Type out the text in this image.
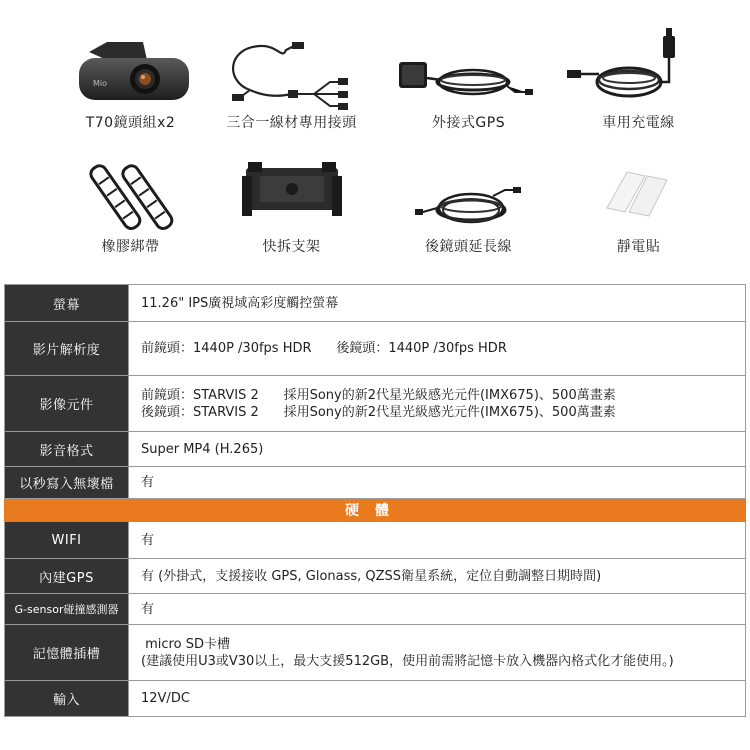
Mio
T70鏡頭組x2	三合一線材專用接頭	外接式GPS	車用充電線
橡膠綁帶	快拆支架	後鏡頭延長線	靜電貼
螢幕	11.26" IPS廣視域高彩度觸控螢幕
影片解析度	前鏡頭：1440P /30fps HDR      後鏡頭：1440P /30fps HDR

影像元件	前鏡頭：STARVIS 2      採用Sony的新2代星光級感光元件(IMX675)、500萬畫素
後鏡頭：STARVIS 2      採用Sony的新2代星光級感光元件(IMX675)、500萬畫素

影音格式	Super MP4 (H.265)
以秒寫入無壞檔	有
硬體	
WIFI	有
內建GPS	有 (外掛式，支援接收 GPS, Glonass, QZSS衛星系統，定位自動調整日期時間)
G-sensor碰撞感測器	有
記憶體插槽	micro SD卡槽
(建議使用U3或V30以上，最大支援512GB，使用前需將記憶卡放入機器內格式化才能使用。)

輸入	12V/DC
